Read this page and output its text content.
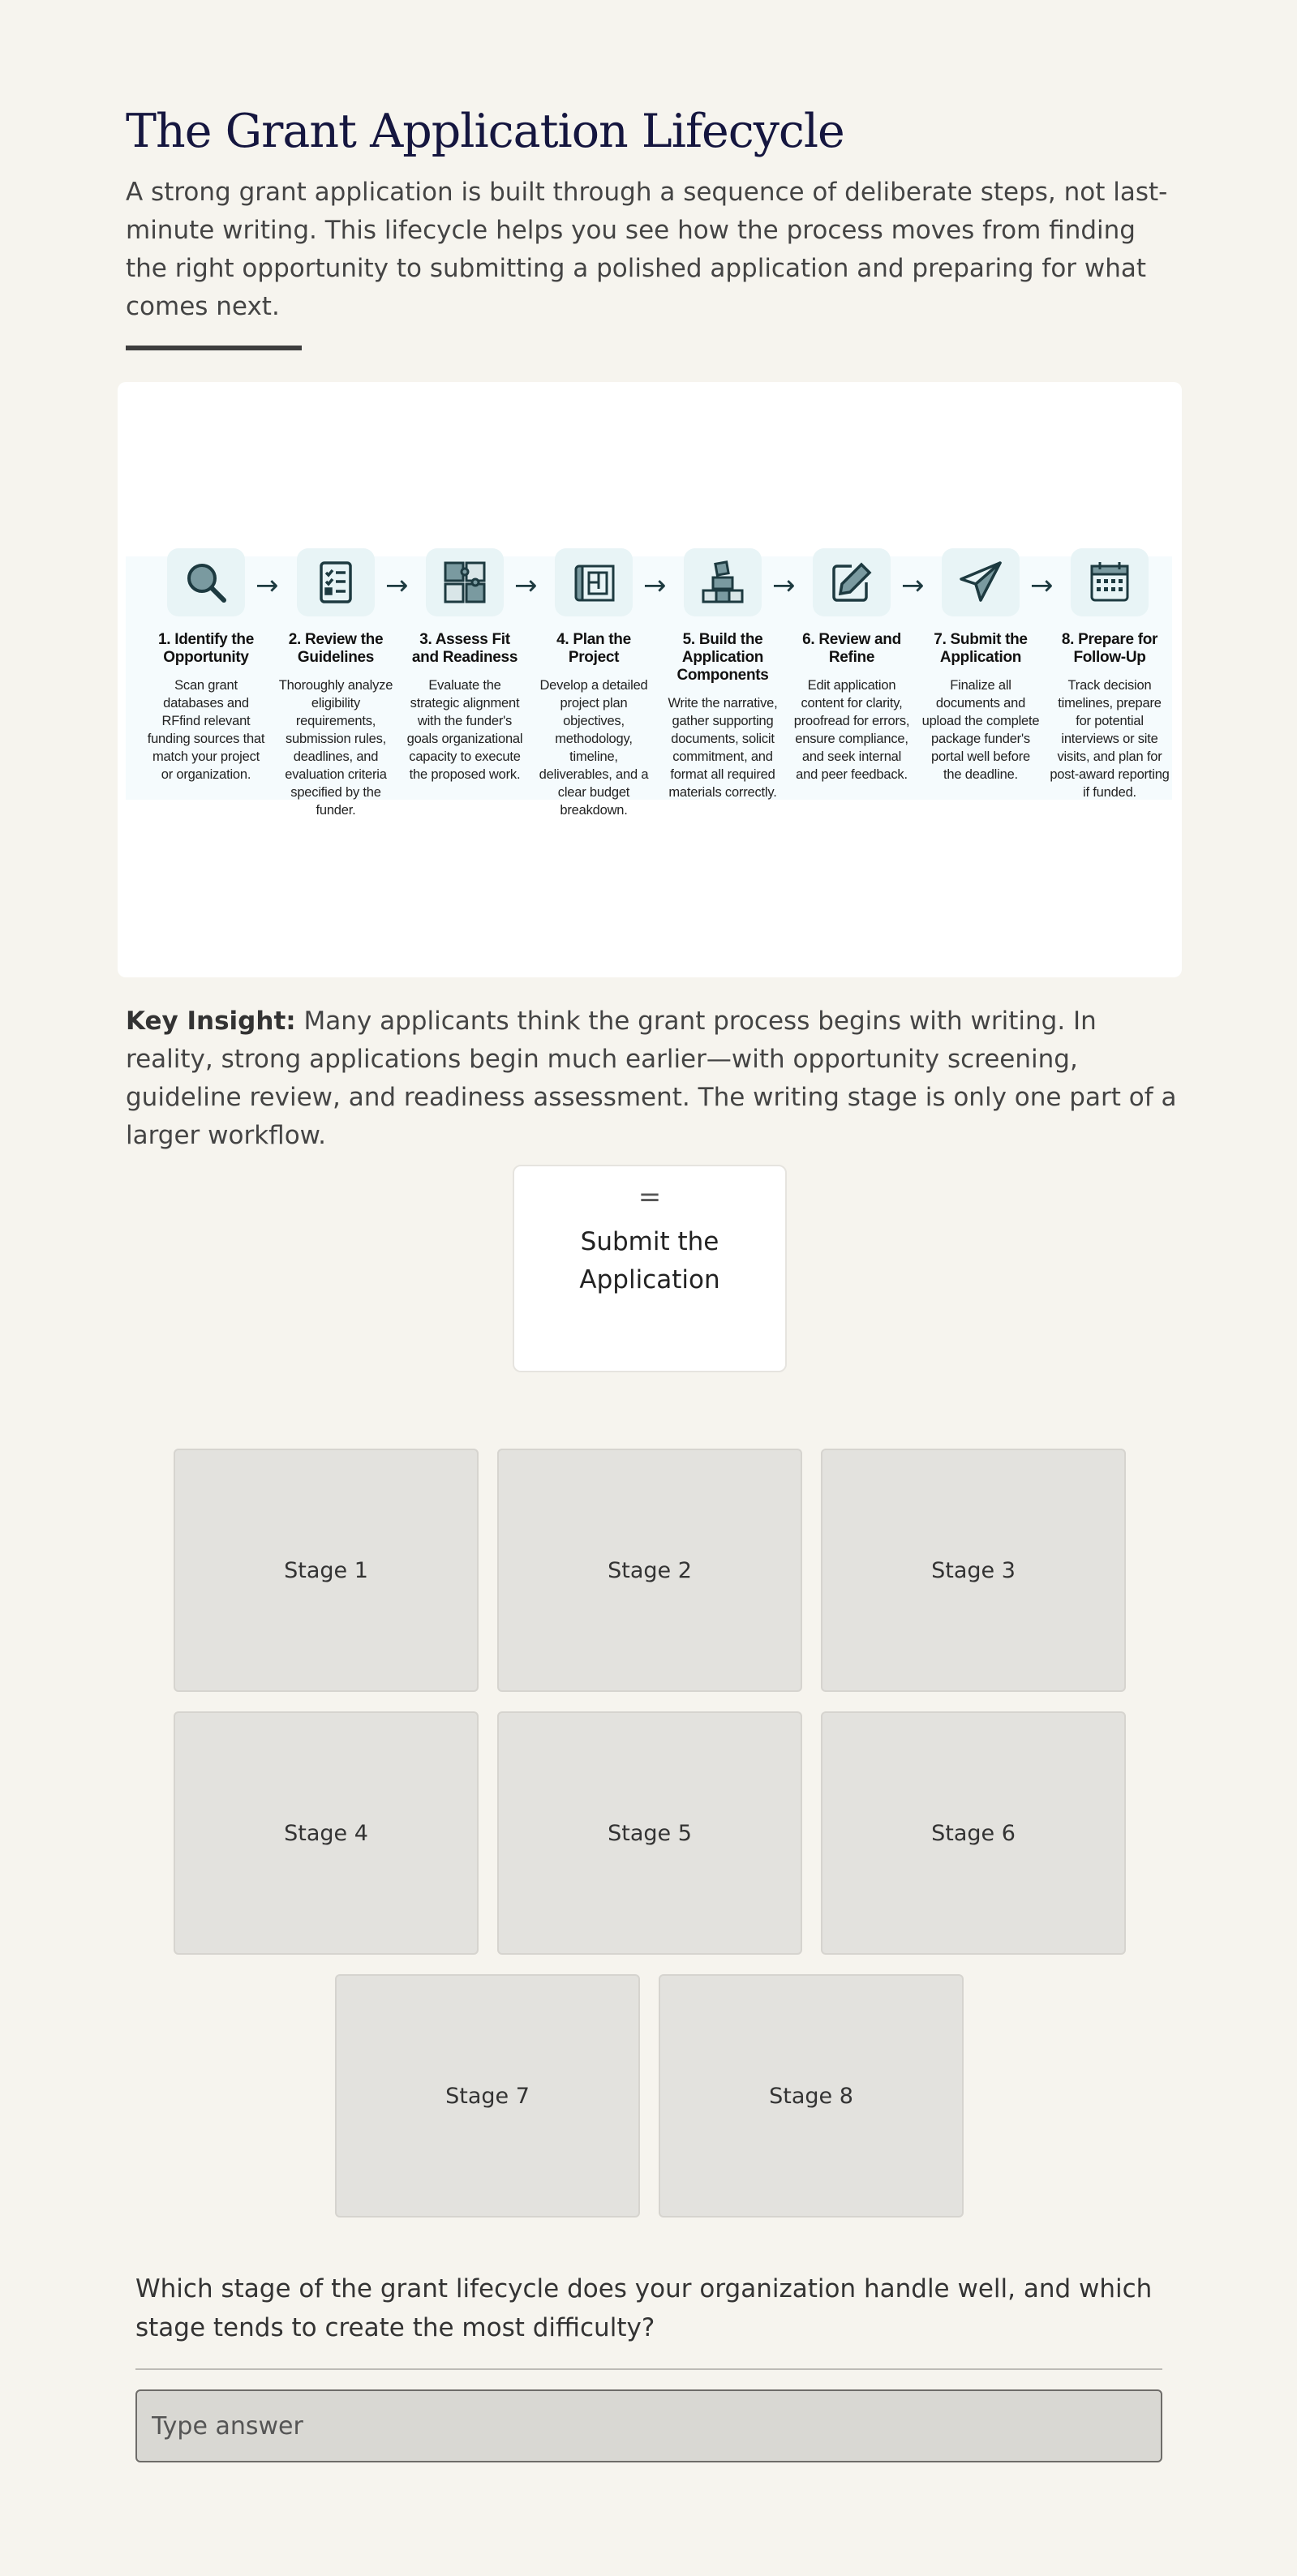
The Grant Application Lifecycle

A strong grant application is built through a sequence of deliberate steps, not last-minute writing. This lifecycle helps you see how the process moves from finding the right opportunity to submitting a polished application and preparing for what comes next.

1. Identify the Opportunity
Scan grant databases and RFfind relevant funding sources that match your project or organization.
→
2. Review the Guidelines
Thoroughly analyze eligibility requirements, submission rules, deadlines, and evaluation criteria specified by the funder.
→
3. Assess Fit and Readiness
Evaluate the strategic alignment with the funder's goals organizational capacity to execute the proposed work.
→
4. Plan the Project
Develop a detailed project plan objectives, methodology, timeline, deliverables, and a clear budget breakdown.
→
5. Build the Application Components
Write the narrative, gather supporting documents, solicit commitment, and format all required materials correctly.
→
6. Review and Refine
Edit application content for clarity, proofread for errors, ensure compliance, and seek internal and peer feedback.
→
7. Submit the Application
Finalize all documents and upload the complete package funder's portal well before the deadline.
→
8. Prepare for Follow-Up
Track decision timelines, prepare for potential interviews or site visits, and plan for post-award reporting if funded.

Key Insight: Many applicants think the grant process begins with writing. In reality, strong applications begin much earlier—with opportunity screening, guideline review, and readiness assessment. The writing stage is only one part of a larger workflow.

=
Submit the Application
Stage 1	Stage 2	Stage 3
Stage 4	Stage 5	Stage 6
Stage 7	Stage 8

Which stage of the grant lifecycle does your organization handle well, and which stage tends to create the most difficulty?

Type answer
